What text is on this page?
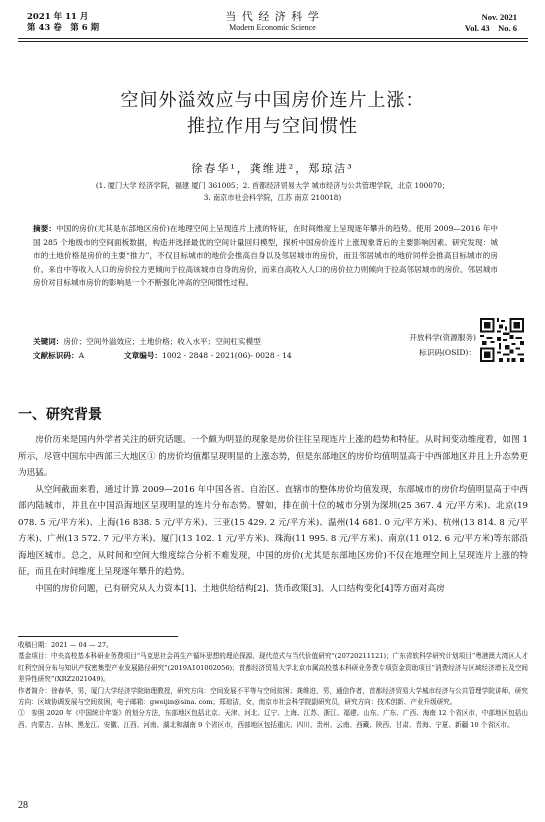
2021 年 11 月
第 43 卷　第 6 期
当 代 经 济 科 学
Modern Economic Science
Nov. 2021
Vol. 43　No. 6
空间外溢效应与中国房价连片上涨：
推拉作用与空间惯性
徐春华¹，龚维进²，郑琼洁³
(1. 厦门大学 经济学院，福建 厦门 361005；2. 首都经济贸易大学 城市经济与公共管理学院，北京 100070；
3. 南京市社会科学院，江苏 南京 210018)
摘要：中国的房价(尤其是东部地区房价)在地理空间上呈现连片上涨的特征，在时间维度上呈现逐年攀升的趋势。使用 2009—2016 年中国 285 个地级市的空间面板数据，构造并选择最优的空间计量回归模型，探析中国房价连片上涨现象背后的主要影响因素。研究发现：城市的土地价格是房价的主要“推力”，不仅目标城市的地价会推高自身以及邻居城市的房价，而且邻居城市的地价同样会推高目标城市的房价。来自中等收入人口的房价拉力更倾向于拉高该城市自身的房价，而来自高收入人口的房价拉力则倾向于拉高邻居城市的房价。邻居城市房价对目标城市房价的影响是一个不断强化冲高的空间惯性过程。
关键词：房价；空间外溢效应；土地价格；收入水平；空间杠实模型
文献标识码：A	文章编号：1002 - 2848 - 2021(06)- 0028 - 14
开放科学(资源服务)
标识码(OSID)：
一、研究背景

房价历来是国内外学者关注的研究话题。一个颇为明显的现象是房价往往呈现连片上涨的趋势和特征。从时间变动维度看，如图 1 所示，尽管中国东中西部三大地区① 的房价均值都呈现明显的上涨态势，但是东部地区的房价均值明显高于中西部地区并且上升态势更为迅猛。

从空间截面来看，通过计算 2009—2016 年中国各省、自治区、直辖市的整体房价均值发现，东部城市的房价均值明显高于中西部内陆城市，并且在中国沿海地区呈现明显的连片分布态势。譬如，排在前十位的城市分别为深圳(25 367. 4 元/平方米)、北京(19 078. 5 元/平方米)、上海(16 838. 5 元/平方米)、三亚(15 429. 2 元/平方米)、温州(14 681. 0 元/平方米)、杭州(13 814. 8 元/平方米)、广州(13 572. 7 元/平方米)、厦门(13 102. 1 元/平方米)、珠海(11 995. 8 元/平方米)、南京(11 012. 6 元/平方米)等东部沿海地区城市。总之，从时间和空间大维度综合分析不难发现，中国的房价(尤其是东部地区房价)不仅在地理空间上呈现连片上涨的特征，而且在时间维度上呈现逐年攀升的趋势。

中国的房价问题，已有研究从人力资本[1]、土地供给结构[2]、货币政策[3]、人口结构变化[4]等方面对高房

收稿日期：2021 — 04 — 27。

基金项目：中央高校基本科研业务费项目“马克思社会再生产循环思想的理论探源、现代范式与当代价值研究”(20720211121)；广东省软科学研究计划项目“粤港澳大湾区人才红利空间分布与知识产权密集型产业发展路径研究”(2019A101002056)；首都经济贸易大学北京市属高校基本科研业务费专项资金资助项目“消费经济与区域经济增长及空间差异性研究”(XRZ2021049)。

作者简介：徐春华，男，厦门大学经济学院助理教授，研究方向：空间发展不平等与空间贫困；龚维进，男，通信作者，首都经济贸易大学城市经济与公共管理学院讲师，研究方向：区域协调发展与空间贫困，电子邮箱：gweijin@sina. com；郑琼洁，女，南京市社会科学院副研究员，研究方向：技术创新、产业升级研究。

①　参照 2020 年《中国统计年鉴》的划分方法，东部地区包括北京、天津、河北、辽宁、上海、江苏、浙江、福建、山东、广东、广西、海南 12 个省区市，中部地区包括山西、内蒙古、吉林、黑龙江、安徽、江西、河南、湖北和湖南 9 个省区市，西部地区包括重庆、四川、贵州、云南、西藏、陕西、甘肃、青海、宁夏、新疆 10 个省区市。

28
